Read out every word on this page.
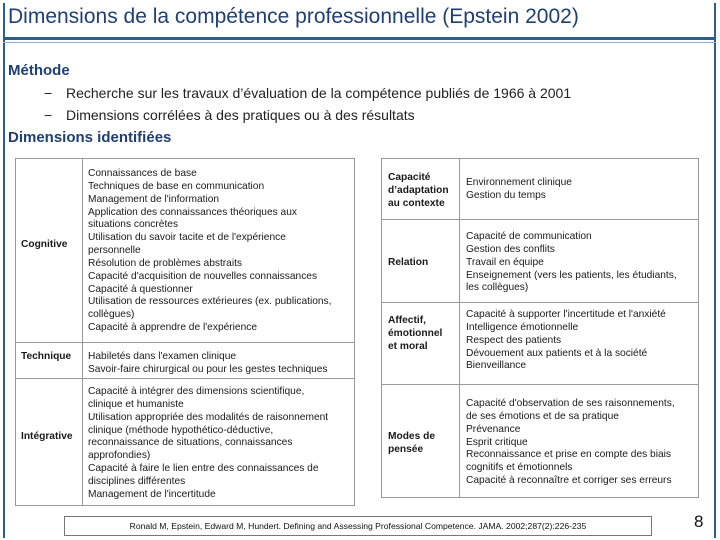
Dimensions de la compétence professionnelle (Epstein 2002)
Méthode
− Recherche sur les travaux d’évaluation de la compétence publiés de 1966 à 2001
− Dimensions corrélées à des pratiques ou à des résultats
Dimensions identifiées
Cognitive
Connaissances de base
Techniques de base en communication
Management de l'information
Application des connaissances théoriques aux
situations concrètes
Utilisation du savoir tacite et de l'expérience
personnelle
Résolution de problèmes abstraits
Capacité d'acquisition de nouvelles connaissances
Capacité à questionner
Utilisation de ressources extérieures (ex. publications,
collègues)
Capacité à apprendre de l'expérience
Technique Habiletés dans l'examen clinique
Savoir-faire chirurgical ou pour les gestes techniques
Intégrative
Capacité à intégrer des dimensions scientifique,
clinique et humaniste
Utilisation appropriée des modalités de raisonnement
clinique (méthode hypothético-déductive,
reconnaissance de situations, connaissances
approfondies)
Capacité à faire le lien entre des connaissances de
disciplines différentes
Management de l'incertitude
Capacité
d’adaptation
au contexte
Environnement clinique
Gestion du temps
Relation
Capacité de communication
Gestion des conflits
Travail en équipe
Enseignement (vers les patients, les étudiants,
les collègues)
Affectif,
émotionnel
et moral
Capacité à supporter l'incertitude et l'anxiété
Intelligence émotionnelle
Respect des patients
Dévouement aux patients et à la société
Bienveillance
Modes de
pensée
Capacité d'observation de ses raisonnements,
de ses émotions et de sa pratique
Prévenance
Esprit critique
Reconnaissance et prise en compte des biais
cognitifs et émotionnels
Capacité à reconnaître et corriger ses erreurs
Ronald M, Epstein, Edward M, Hundert. Defining and Assessing Professional Competence. JAMA. 2002;287(2):226-235	8
